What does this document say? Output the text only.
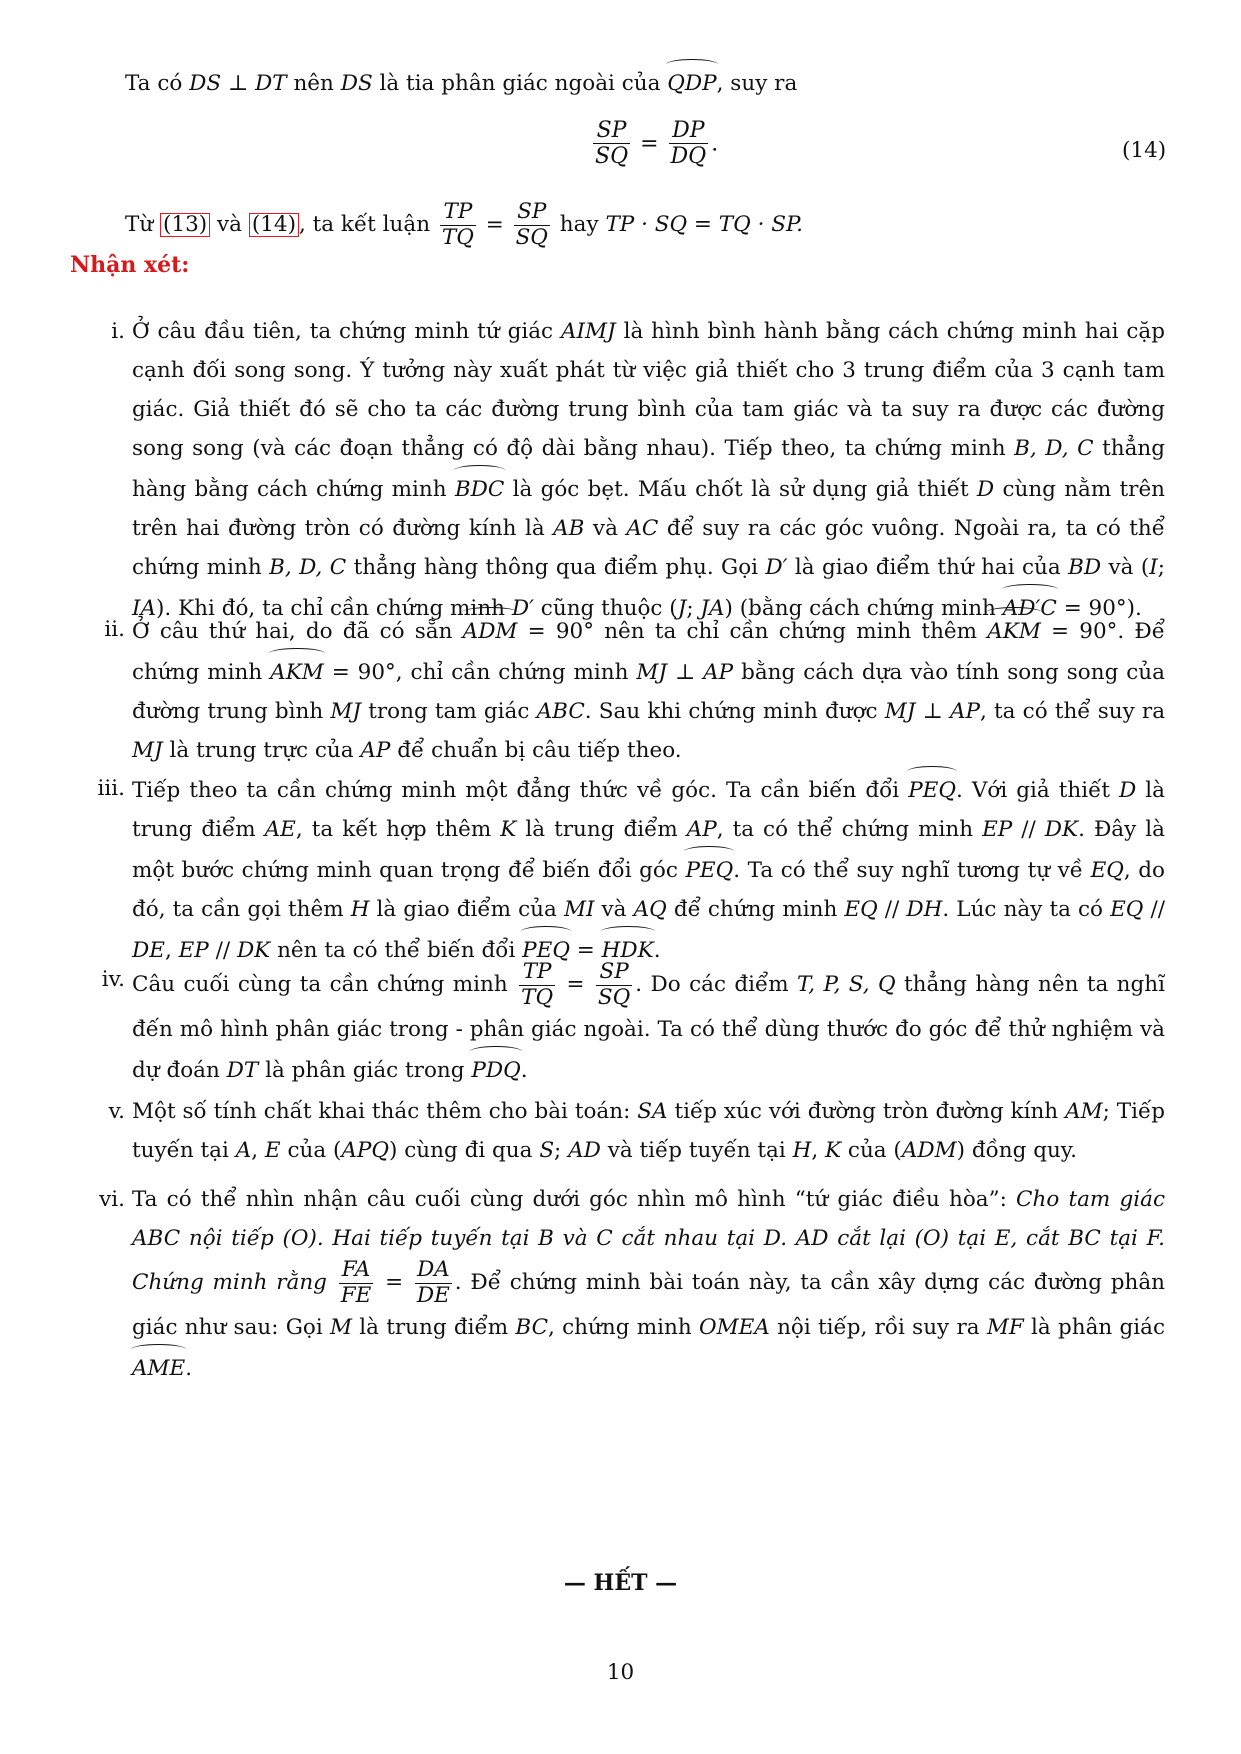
Ta có DS ⊥ DT nên DS là tia phân giác ngoài của QDP, suy ra
$\frac{SP}{SQ} = \frac{DP}{DQ}$ .	(14)
Từ (13) và (14) , ta kết luận $\frac{TP}{TQ} = \frac{SP}{SQ}$ hay TP · SQ = TQ · SP.
Nhận xét:
i. Ở câu đầu tiên, ta chứng minh tứ giác AIMJ là hình bình hành bằng cách chứng minh hai cặp cạnh đối song song. Ý tưởng này xuất phát từ việc giả thiết cho 3 trung điểm của 3 cạnh tam giác. Giả thiết đó sẽ cho ta các đường trung bình của tam giác và ta suy ra được các đường song song (và các đoạn thẳng có độ dài bằng nhau). Tiếp theo, ta chứng minh B, D, C thẳng hàng bằng cách chứng minh BDC là góc bẹt. Mấu chốt là sử dụng giả thiết D cùng nằm trên trên hai đường tròn có đường kính là AB và AC để suy ra các góc vuông. Ngoài ra, ta có thể chứng minh B, D, C thẳng hàng thông qua điểm phụ. Gọi D′ là giao điểm thứ hai của BD và (I; IA). Khi đó, ta chỉ cần chứng minh D′ cũng thuộc (J; JA) (bằng cách chứng minh AD′C = 90°).
ii. Ở câu thứ hai, do đã có sẵn ADM = 90° nên ta chỉ cần chứng minh thêm AKM = 90°. Để chứng minh AKM = 90°, chỉ cần chứng minh MJ ⊥ AP bằng cách dựa vào tính song song của đường trung bình MJ trong tam giác ABC. Sau khi chứng minh được MJ ⊥ AP, ta có thể suy ra MJ là trung trực của AP để chuẩn bị câu tiếp theo.
iii. Tiếp theo ta cần chứng minh một đẳng thức về góc. Ta cần biến đổi PEQ. Với giả thiết D là trung điểm AE, ta kết hợp thêm K là trung điểm AP, ta có thể chứng minh EP // DK. Đây là một bước chứng minh quan trọng để biến đổi góc PEQ. Ta có thể suy nghĩ tương tự về EQ, do đó, ta cần gọi thêm H là giao điểm của MI và AQ để chứng minh EQ // DH. Lúc này ta có EQ // DE, EP // DK nên ta có thể biến đổi PEQ = HDK.
iv. Câu cuối cùng ta cần chứng minh $\frac{TP}{TQ} = \frac{SP}{SQ}$ . Do các điểm T, P, S, Q thẳng hàng nên ta nghĩ đến mô hình phân giác trong - phân giác ngoài. Ta có thể dùng thước đo góc để thử nghiệm và dự đoán DT là phân giác trong PDQ.
v. Một số tính chất khai thác thêm cho bài toán: SA tiếp xúc với đường tròn đường kính AM; Tiếp tuyến tại A, E của (APQ) cùng đi qua S; AD và tiếp tuyến tại H, K của (ADM) đồng quy.
vi. Ta có thể nhìn nhận câu cuối cùng dưới góc nhìn mô hình “tứ giác điều hòa”: Cho tam giác ABC nội tiếp (O). Hai tiếp tuyến tại B và C cắt nhau tại D. AD cắt lại (O) tại E, cắt BC tại F. Chứng minh rằng $\frac{FA}{FE} = \frac{DA}{DE}$ . Để chứng minh bài toán này, ta cần xây dựng các đường phân giác như sau: Gọi M là trung điểm BC, chứng minh OMEA nội tiếp, rồi suy ra MF là phân giác AME.
— HẾT —
10
